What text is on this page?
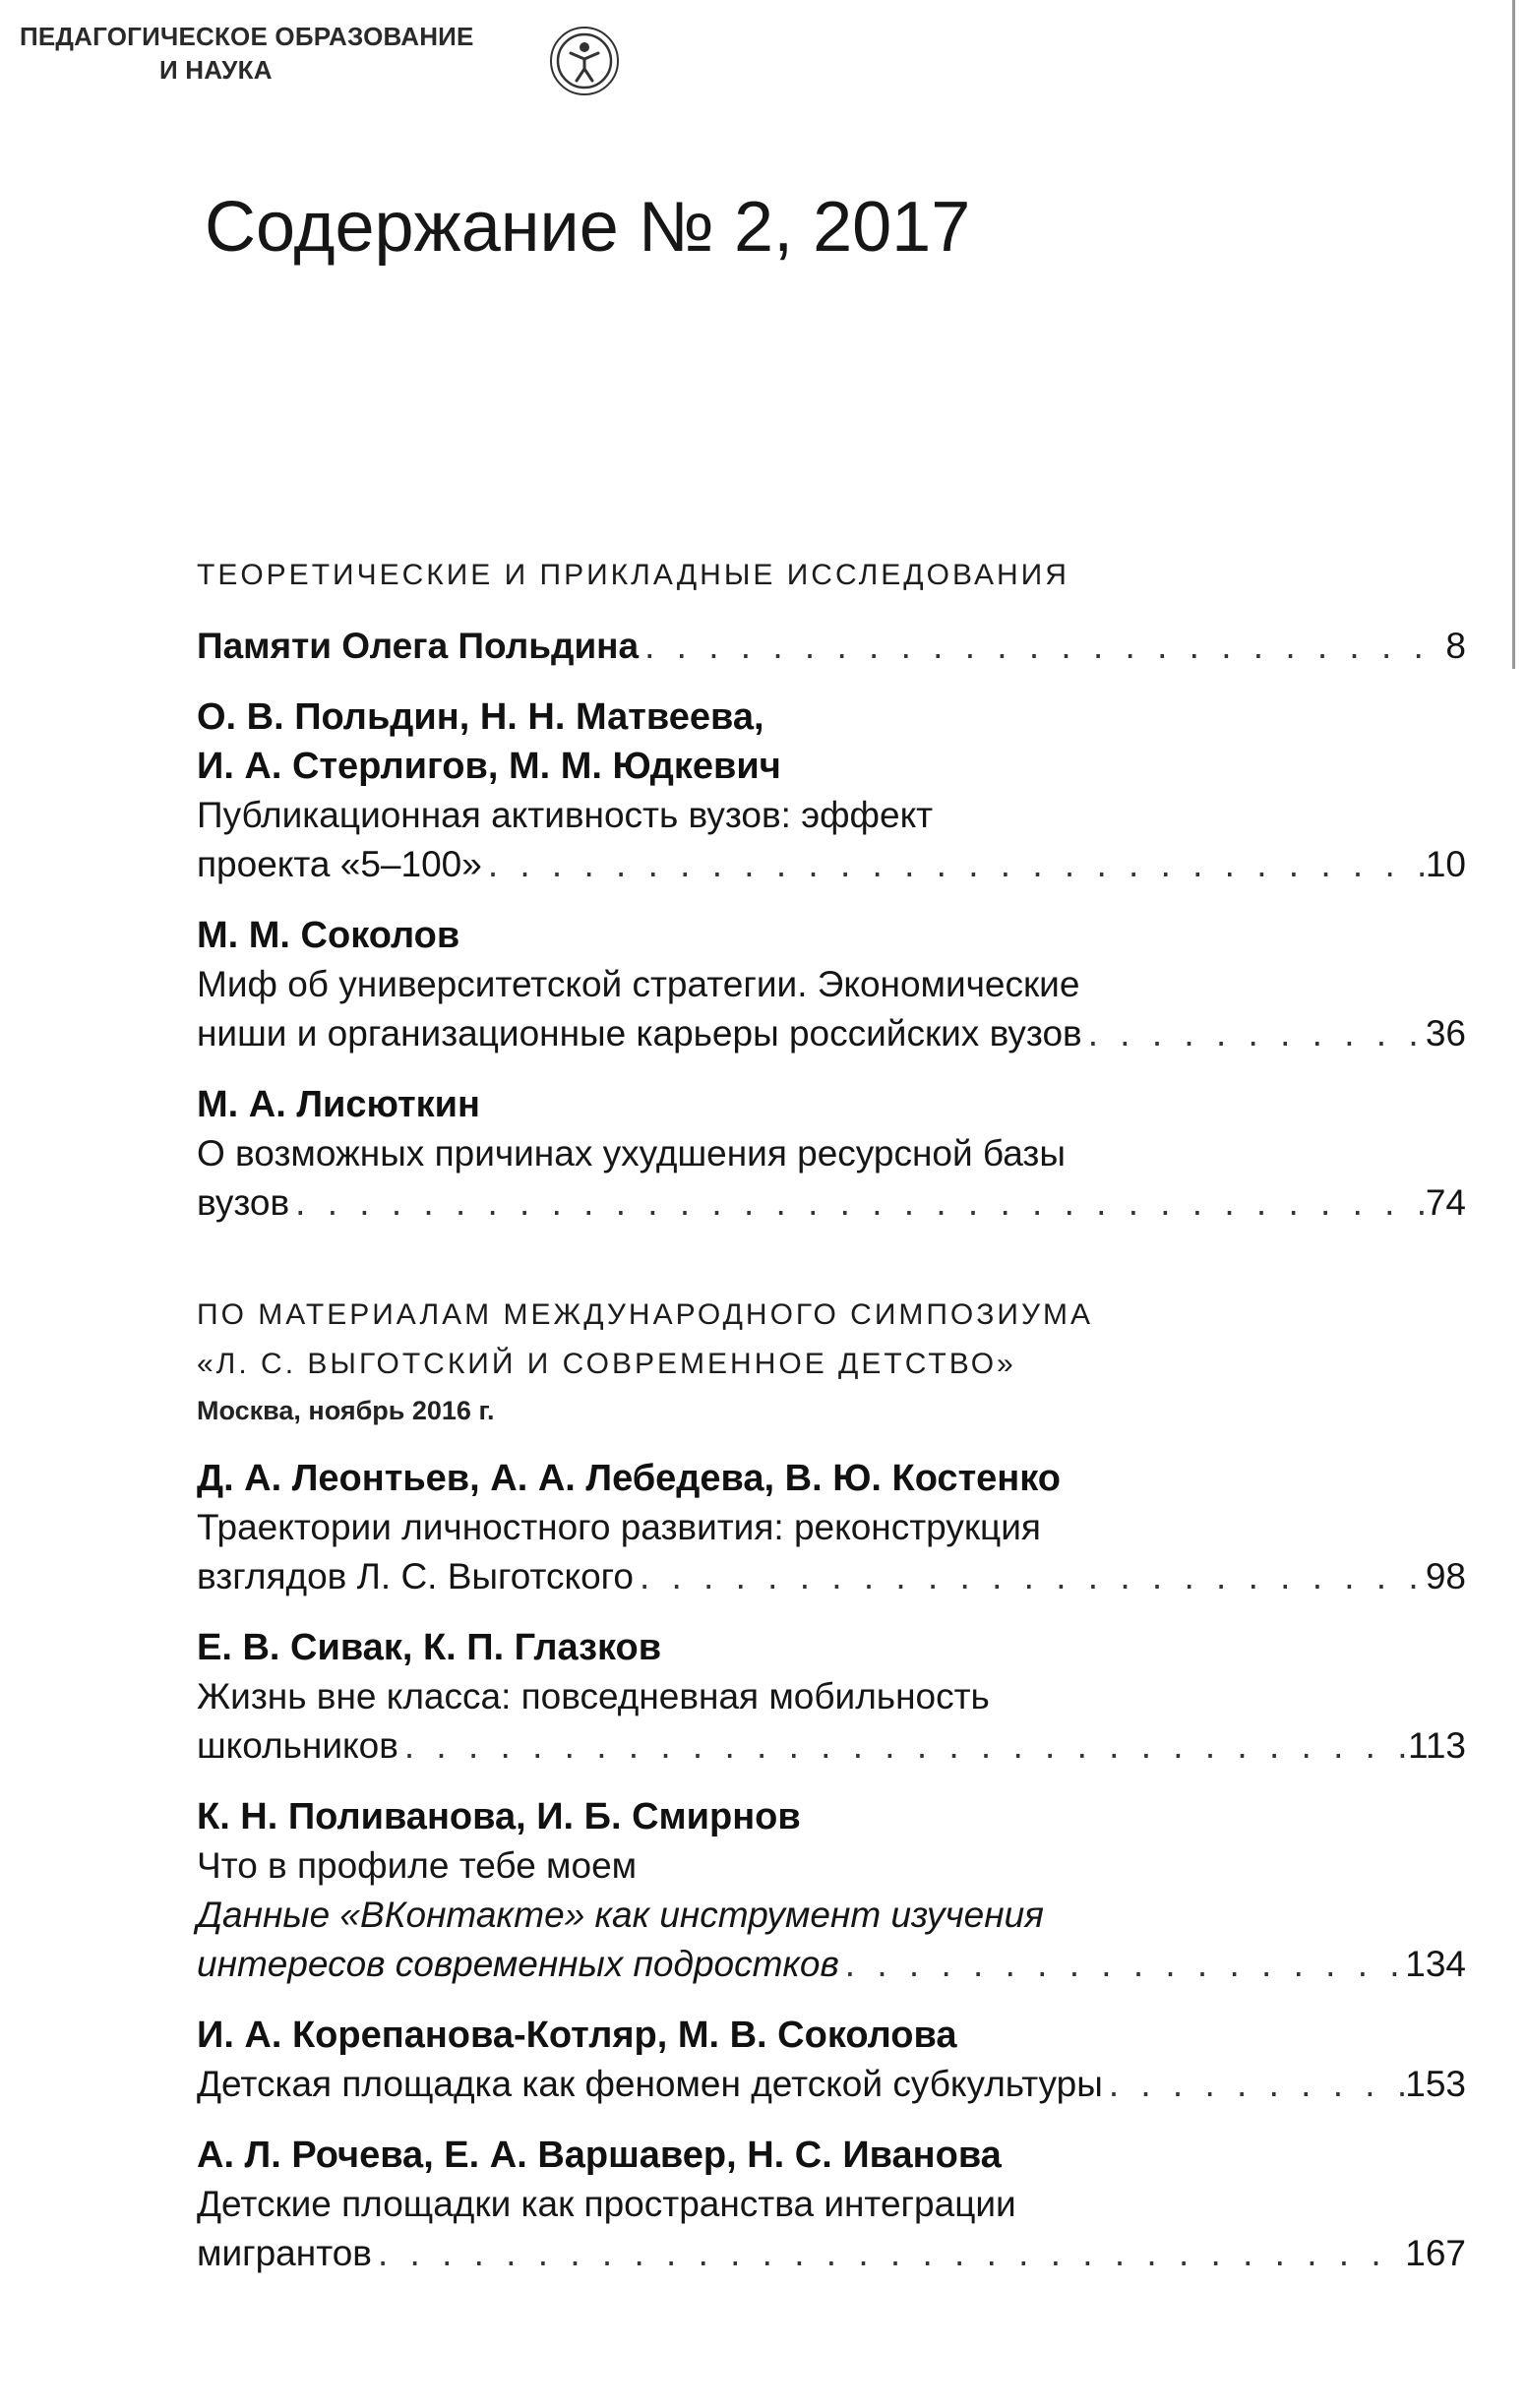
ПЕДАГОГИЧЕСКОЕ ОБРАЗОВАНИЕ
И НАУКА
Содержание № 2, 2017
ТЕОРЕТИЧЕСКИЕ И ПРИКЛАДНЫЕ ИССЛЕДОВАНИЯ
Памяти Олега Польдина . . .	8
О. В. Польдин, Н. Н. Матвеева,
И. А. Стерлигов, М. М. Юдкевич
Публикационная активность вузов: эффект
проекта «5–100» . . .	10
М. М. Соколов
Миф об университетской стратегии. Экономические
ниши и организационные карьеры российских вузов . . .	36
М. А. Лисюткин
О возможных причинах ухудшения ресурсной базы
вузов . . .	74
ПО МАТЕРИАЛАМ МЕЖДУНАРОДНОГО СИМПОЗИУМА
«Л. С. ВЫГОТСКИЙ И СОВРЕМЕННОЕ ДЕТСТВО»
Москва, ноябрь 2016 г.
Д. А. Леонтьев, А. А. Лебедева, В. Ю. Костенко
Траектории личностного развития: реконструкция
взглядов Л. С. Выготского . . .	98
Е. В. Сивак, К. П. Глазков
Жизнь вне класса: повседневная мобильность
школьников . . .	113
К. Н. Поливанова, И. Б. Смирнов
Что в профиле тебе моем
Данные «ВКонтакте» как инструмент изучения
интересов современных подростков . . .	134
И. А. Корепанова-Котляр, М. В. Соколова
Детская площадка как феномен детской субкультуры . . .	153
А. Л. Рочева, Е. А. Варшавер, Н. С. Иванова
Детские площадки как пространства интеграции
мигрантов . . .	167
